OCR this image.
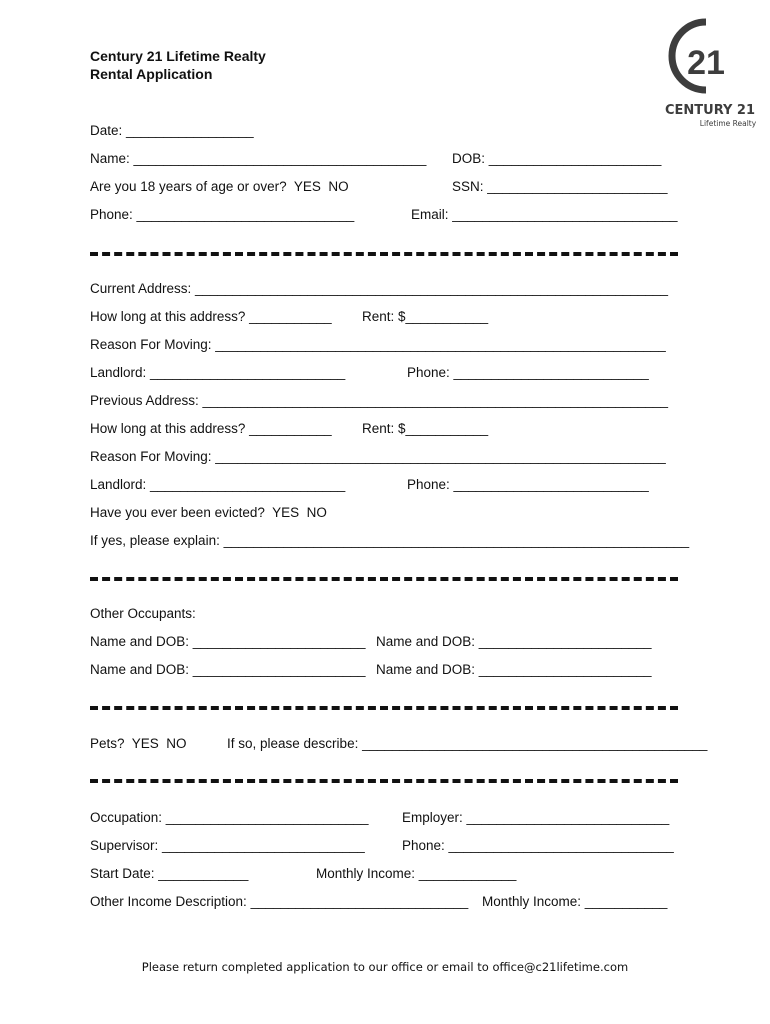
Century 21 Lifetime Realty
Rental Application	21
CENTURY 21
Lifetime Realty
Date: _________________
Name: _______________________________________ DOB: _______________________
Are you 18 years of age or over?  YES  NO	SSN: ________________________
Phone: _____________________________	Email: ______________________________
Current Address: _______________________________________________________________
How long at this address? ___________ Rent: $___________
Reason For Moving: ____________________________________________________________
Landlord: __________________________	Phone: __________________________
Previous Address: ______________________________________________________________
How long at this address? ___________ Rent: $___________
Reason For Moving: ____________________________________________________________
Landlord: __________________________	Phone: __________________________
Have you ever been evicted?  YES  NO
If yes, please explain: ______________________________________________________________
Other Occupants:
Name and DOB: _______________________ Name and DOB: _______________________
Name and DOB: _______________________ Name and DOB: _______________________
Pets?  YES  NO	If so, please describe: ______________________________________________
Occupation: ___________________________ Employer: ___________________________
Supervisor: ___________________________	Phone: ______________________________
Start Date: ____________	Monthly Income: _____________
Other Income Description: _____________________________ Monthly Income: ___________
Please return completed application to our office or email to office@c21lifetime.com
